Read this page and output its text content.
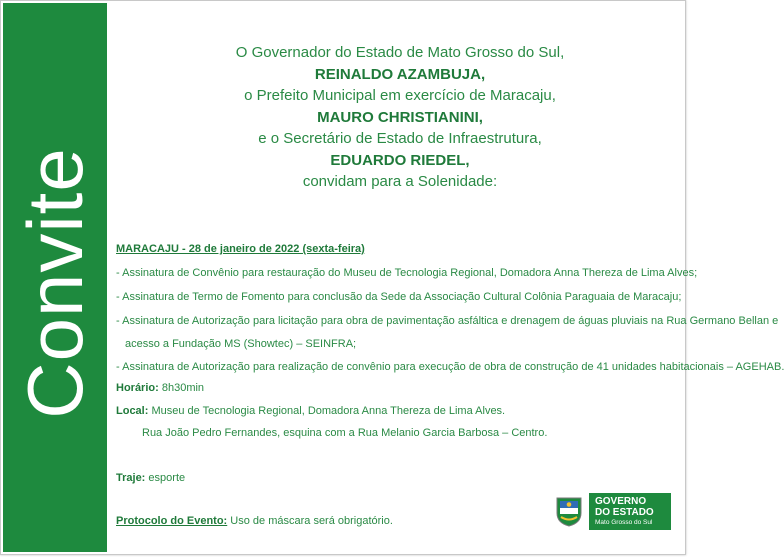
Convite
O Governador do Estado de Mato Grosso do Sul,
REINALDO AZAMBUJA,
o Prefeito Municipal em exercício de Maracaju,
MAURO CHRISTIANINI,
e o Secretário de Estado de Infraestrutura,
EDUARDO RIEDEL,
convidam para a Solenidade:
MARACAJU - 28 de janeiro de 2022 (sexta-feira)
- Assinatura de Convênio para restauração do Museu de Tecnologia Regional, Domadora Anna Thereza de Lima Alves;
- Assinatura de Termo de Fomento para conclusão da Sede da Associação Cultural Colônia Paraguaia de Maracaju;
- Assinatura de Autorização para licitação para obra de pavimentação asfáltica e drenagem de águas pluviais na Rua Germano Bellan e
acesso a Fundação MS (Showtec) – SEINFRA;
- Assinatura de Autorização para realização de convênio para execução de obra de construção de 41 unidades habitacionais – AGEHAB.
Horário: 8h30min
Local: Museu de Tecnologia Regional, Domadora Anna Thereza de Lima Alves.
Rua João Pedro Fernandes, esquina com a Rua Melanio Garcia Barbosa – Centro.
Traje: esporte
Protocolo do Evento: Uso de máscara será obrigatório.
GOVERNO
DO ESTADO
Mato Grosso do Sul
